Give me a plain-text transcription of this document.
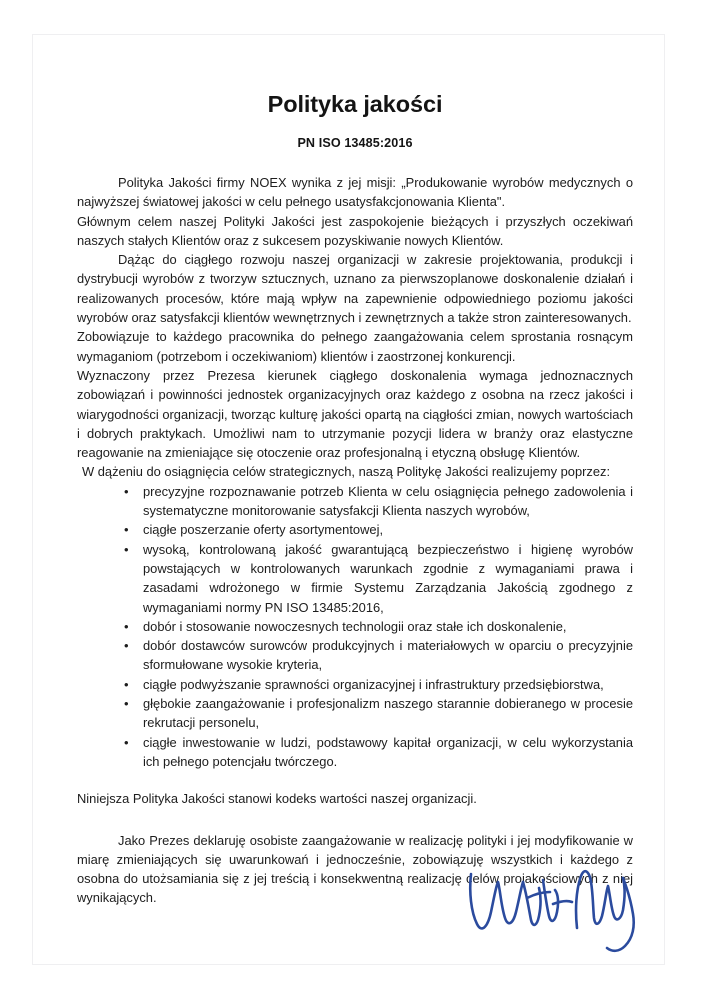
Polityka jakości
PN ISO 13485:2016

Polityka Jakości firmy NOEX wynika z jej misji: „Produkowanie wyrobów medycznych o najwyższej światowej jakości w celu pełnego usatysfakcjonowania Klienta".

Głównym celem naszej Polityki Jakości jest zaspokojenie bieżących i przyszłych oczekiwań naszych stałych Klientów oraz z sukcesem pozyskiwanie nowych Klientów.

Dążąc do ciągłego rozwoju naszej organizacji w zakresie projektowania, produkcji i dystrybucji wyrobów z tworzyw sztucznych, uznano za pierwszoplanowe doskonalenie działań i realizowanych procesów, które mają wpływ na zapewnienie odpowiedniego poziomu jakości wyrobów oraz satysfakcji klientów wewnętrznych i zewnętrznych a także stron zainteresowanych.

Zobowiązuje to każdego pracownika do pełnego zaangażowania celem sprostania rosnącym wymaganiom (potrzebom i oczekiwaniom) klientów i zaostrzonej konkurencji.

Wyznaczony przez Prezesa kierunek ciągłego doskonalenia wymaga jednoznacznych zobowiązań i powinności jednostek organizacyjnych oraz każdego z osobna na rzecz jakości i wiarygodności organizacji, tworząc kulturę jakości opartą na ciągłości zmian, nowych wartościach i dobrych praktykach. Umożliwi nam to utrzymanie pozycji lidera w branży oraz elastyczne reagowanie na zmieniające się otoczenie oraz profesjonalną i etyczną obsługę Klientów.

W dążeniu do osiągnięcia celów strategicznych, naszą Politykę Jakości realizujemy poprzez:

• precyzyjne rozpoznawanie potrzeb Klienta w celu osiągnięcia pełnego zadowolenia i systematyczne monitorowanie satysfakcji Klienta naszych wyrobów,
• ciągłe poszerzanie oferty asortymentowej,
• wysoką, kontrolowaną jakość gwarantującą bezpieczeństwo i higienę wyrobów powstających w kontrolowanych warunkach zgodnie z wymaganiami prawa i zasadami wdrożonego w firmie Systemu Zarządzania Jakością zgodnego z wymaganiami normy PN ISO 13485:2016,
• dobór i stosowanie nowoczesnych technologii oraz stałe ich doskonalenie,
• dobór dostawców surowców produkcyjnych i materiałowych w oparciu o precyzyjnie sformułowane wysokie kryteria,
• ciągłe podwyższanie sprawności organizacyjnej i infrastruktury przedsiębiorstwa,
• głębokie zaangażowanie i profesjonalizm naszego starannie dobieranego w procesie rekrutacji personelu,
• ciągłe inwestowanie w ludzi, podstawowy kapitał organizacji, w celu wykorzystania ich pełnego potencjału twórczego.

Niniejsza Polityka Jakości stanowi kodeks wartości naszej organizacji.

Jako Prezes deklaruję osobiste zaangażowanie w realizację polityki i jej modyfikowanie w miarę zmieniających się uwarunkowań i jednocześnie, zobowiązuję wszystkich i każdego z osobna do utożsamiania się z jej treścią i konsekwentną realizację celów projakościowych z niej wynikających.
